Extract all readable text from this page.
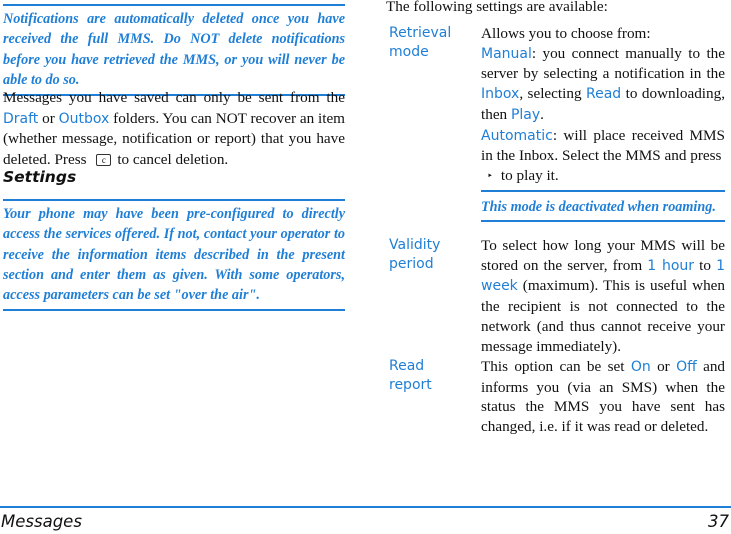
Notifications are automatically deleted once you have received the full MMS. Do NOT delete notifications before you have retrieved the MMS, or you will never be able to do so.
Messages you have saved can only be sent from the Draft or Outbox folders. You can NOT recover an item (whether message, notification or report) that you have deleted. Press c to cancel deletion.
Settings
Your phone may have been pre-configured to directly access the services offered. If not, contact your operator to receive the information items described in the present section and enter them as given. With some operators, access parameters can be set "over the air".
The following settings are available:
Retrieval mode

Allows you to choose from:

Manual: you connect manually to the server by selecting a notification in the Inbox, selecting Read to downloading, then Play.

Automatic: will place received MMS in the Inbox. Select the MMS and press
‣ to play it.

This mode is deactivated when roaming.
Validity period
To select how long your MMS will be stored on the server, from 1 hour to 1 week (maximum). This is useful when the recipient is not connected to the network (and thus cannot receive your message immediately).
Read report
This option can be set On or Off and informs you (via an SMS) when the status the MMS you have sent has changed, i.e. if it was read or deleted.
Messages	37
